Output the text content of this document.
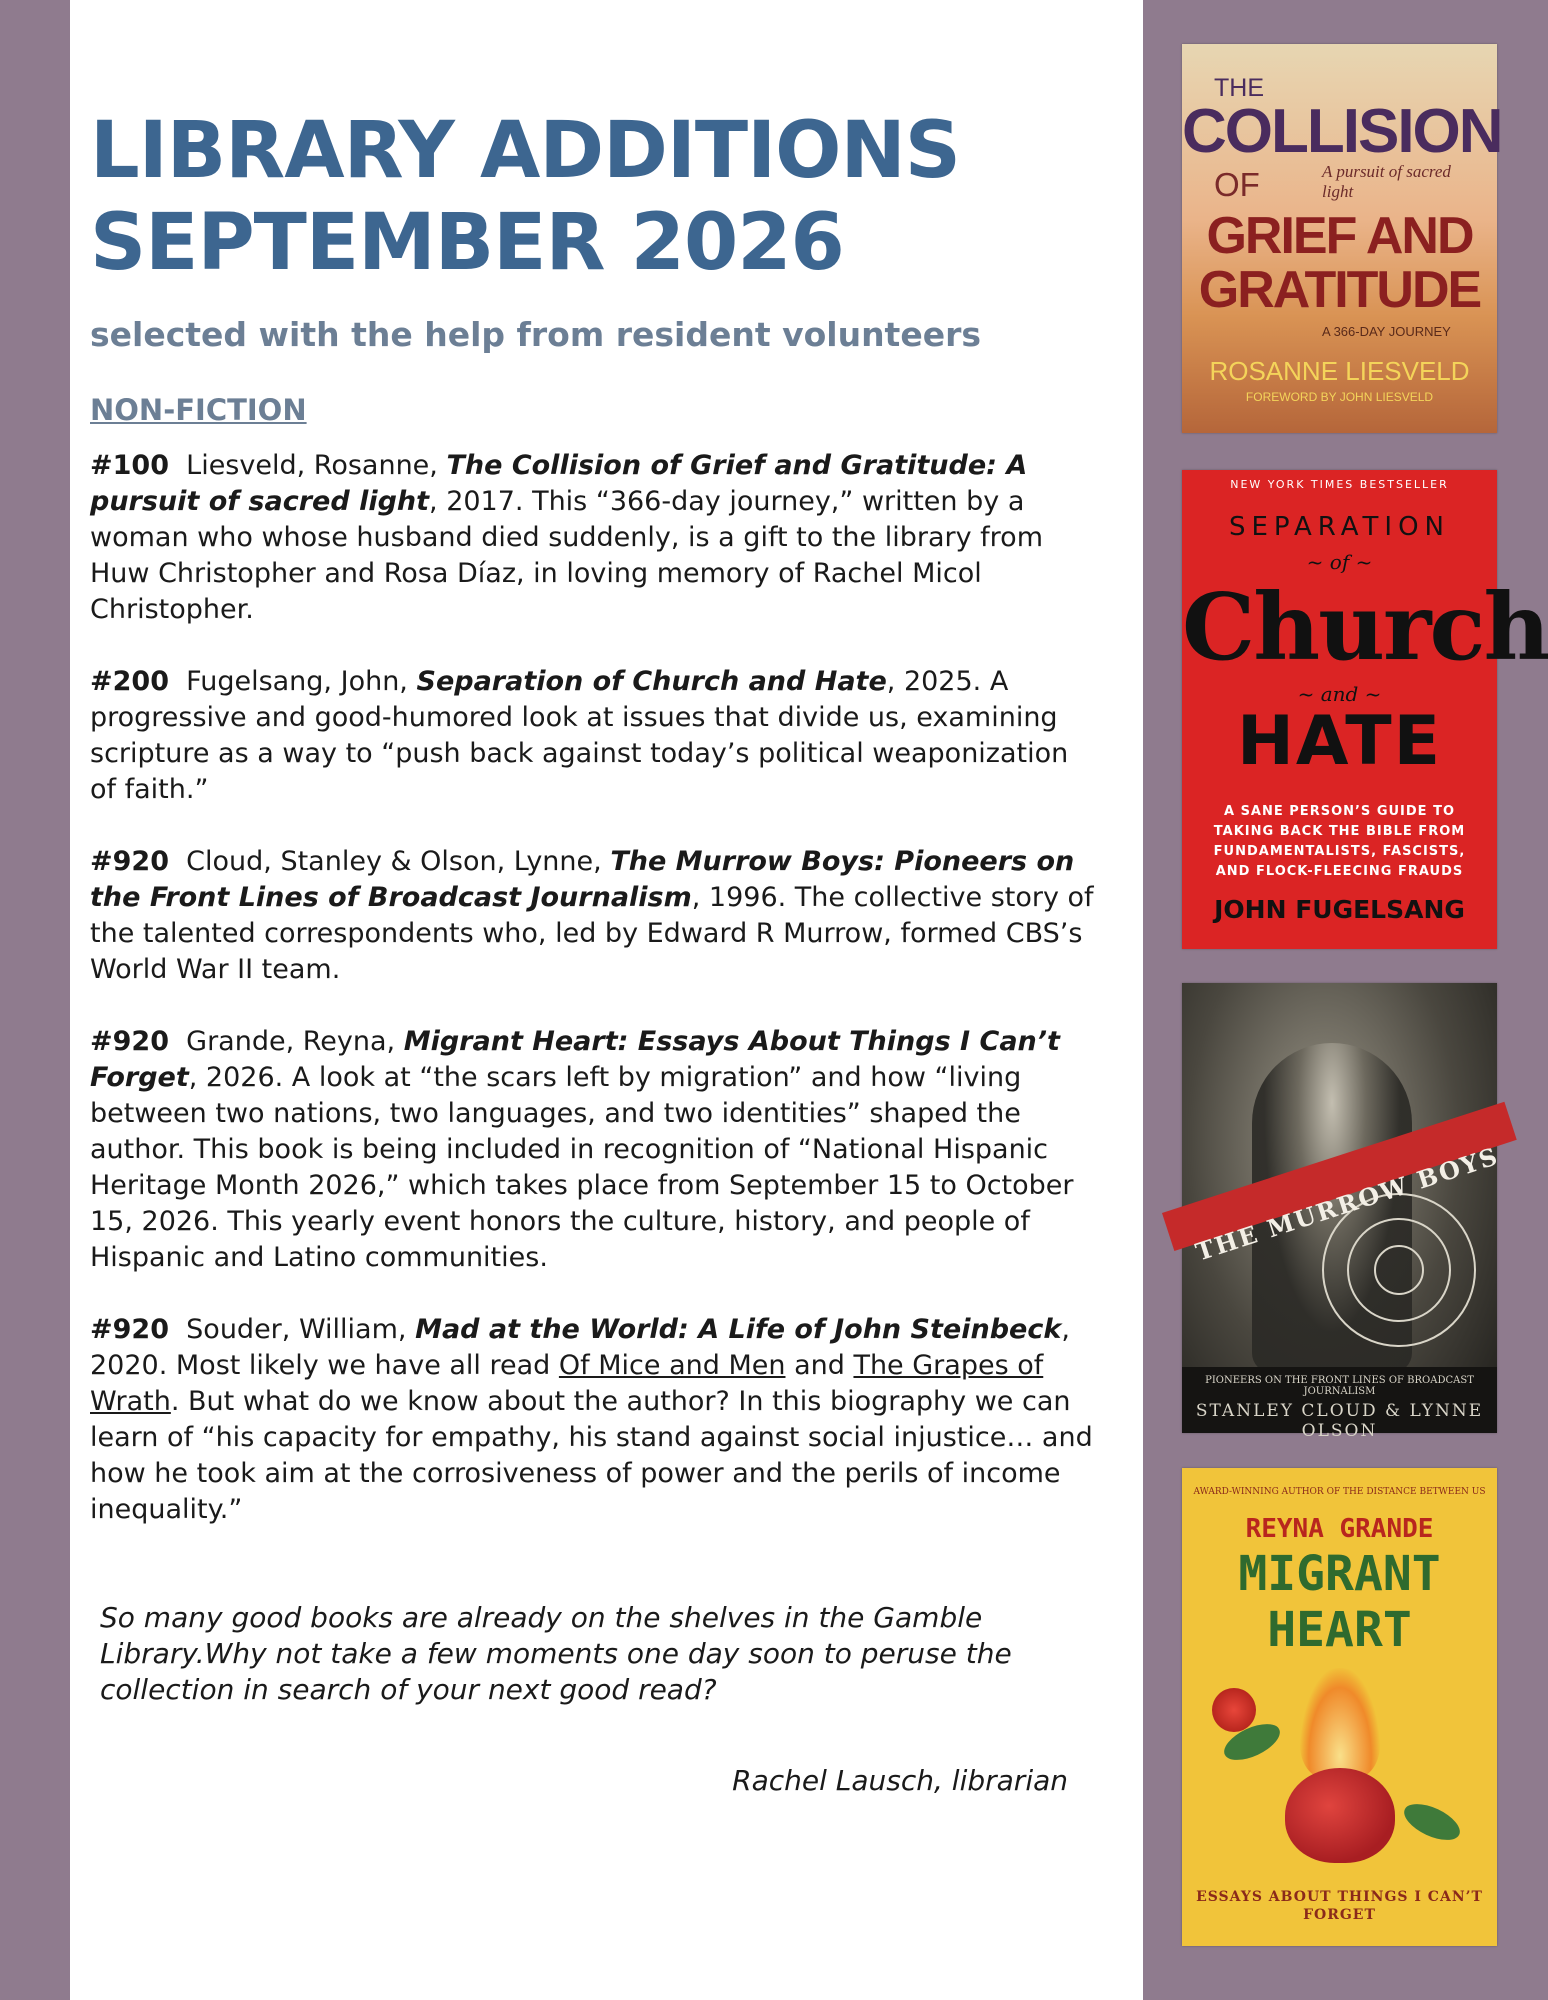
LIBRARY ADDITIONS
SEPTEMBER 2026

selected with the help from resident volunteers

NON-FICTION

#100 Liesveld, Rosanne, The Collision of Grief and Gratitude: A pursuit of sacred light, 2017. This “366-day journey,” written by a woman who whose husband died suddenly, is a gift to the library from Huw Christopher and Rosa Díaz, in loving memory of Rachel Micol Christopher.

#200 Fugelsang, John, Separation of Church and Hate, 2025. A progressive and good-humored look at issues that divide us, examining scripture as a way to “push back against today’s political weaponization of faith.”

#920 Cloud, Stanley & Olson, Lynne, The Murrow Boys: Pioneers on the Front Lines of Broadcast Journalism, 1996. The collective story of the talented correspondents who, led by Edward R Murrow, formed CBS’s World War II team.

#920 Grande, Reyna, Migrant Heart: Essays About Things I Can’t Forget, 2026. A look at “the scars left by migration” and how “living between two nations, two languages, and two identities” shaped the author. This book is being included in recognition of “National Hispanic Heritage Month 2026,” which takes place from September 15 to October 15, 2026. This yearly event honors the culture, history, and people of Hispanic and Latino communities.

#920 Souder, William, Mad at the World: A Life of John Steinbeck, 2020. Most likely we have all read Of Mice and Men and The Grapes of Wrath. But what do we know about the author? In this biography we can learn of “his capacity for empathy, his stand against social injustice… and how he took aim at the corrosiveness of power and the perils of income inequality.”

So many good books are already on the shelves in the Gamble Library.Why not take a few moments one day soon to peruse the collection in search of your next good read?

Rachel Lausch, librarian
THE
COLLISION
OF	A pursuit of sacred light
GRIEF AND
GRATITUDE
A 366-DAY JOURNEY
ROSANNE LIESVELD
FOREWORD BY JOHN LIESVELD
NEW YORK TIMES BESTSELLER
SEPARATION
~ of ~
Church
~ and ~
HATE
A SANE PERSON’S GUIDE TO TAKING BACK THE BIBLE FROM FUNDAMENTALISTS, FASCISTS, AND FLOCK-FLEECING FRAUDS
JOHN FUGELSANG
THE MURROW BOYS
PIONEERS ON THE FRONT LINES OF BROADCAST JOURNALISM
STANLEY CLOUD & LYNNE OLSON
AWARD-WINNING AUTHOR OF THE DISTANCE BETWEEN US
REYNA GRANDE
MIGRANT
HEART
ESSAYS ABOUT THINGS I CAN’T FORGET
